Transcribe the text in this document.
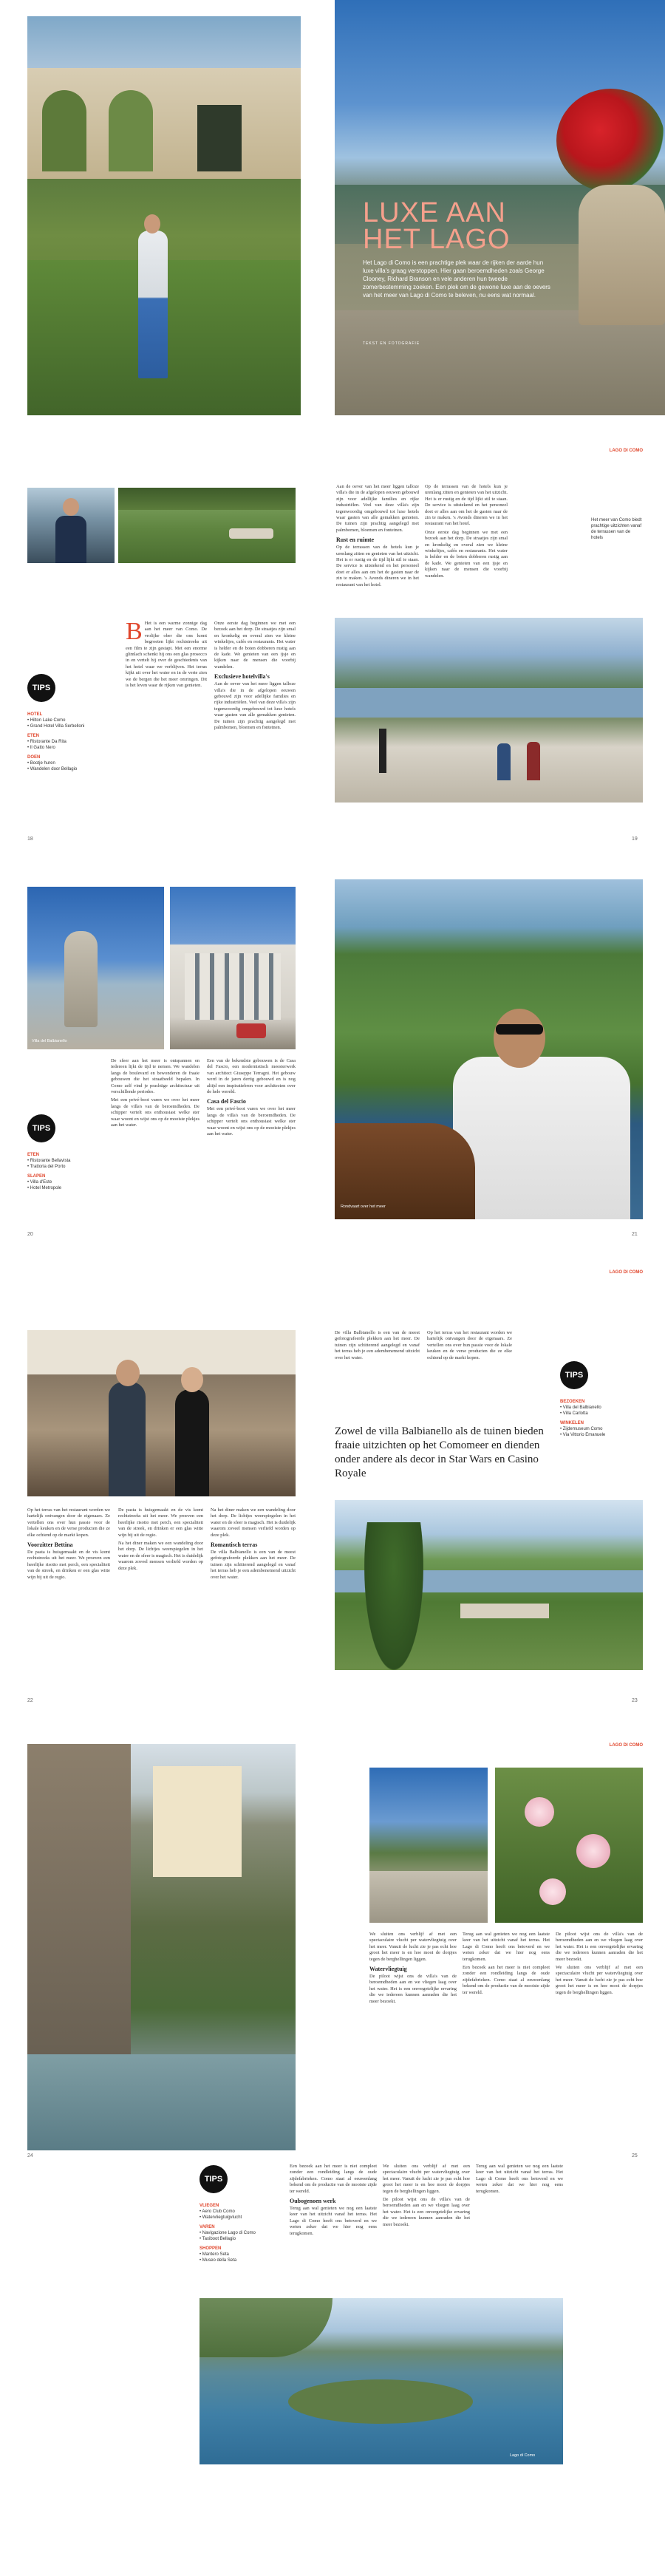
LUXE AAN
HET LAGO
Het Lago di Como is een prachtige plek waar de rijken der aarde hun luxe villa's graag verstoppen. Hier gaan beroemdheden zoals George Clooney, Richard Branson en vele anderen hun tweede zomerbestemming zoeken. Een plek om de gewone luxe aan de oevers van het meer van Lago di Como te beleven, nu eens wat normaal.
TEKST EN FOTOGRAFIE
LAGO DI COMO
B Het is een warme zonnige dag aan het meer van Como. De vrolijke ober die ons komt begroeten lijkt rechtstreeks uit een film te zijn gestapt. Met een enorme glimlach schenkt hij ons een glas prosecco in en vertelt hij over de geschiedenis van het hotel waar we verblijven. Het terras kijkt uit over het water en in de verte zien we de bergen die het meer omringen. Dit is het leven waar de rijken van genieten.

Onze eerste dag beginnen we met een bezoek aan het dorp. De straatjes zijn smal en kronkelig en overal zien we kleine winkeltjes, cafés en restaurants. Het water is helder en de boten dobberen rustig aan de kade. We genieten van een ijsje en kijken naar de mensen die voorbij wandelen.

Exclusieve hotelvilla's

Aan de oever van het meer liggen talloze villa's die in de afgelopen eeuwen gebouwd zijn voor adellijke families en rijke industriëlen. Veel van deze villa's zijn tegenwoordig omgebouwd tot luxe hotels waar gasten van alle gemakken genieten. De tuinen zijn prachtig aangelegd met palmbomen, bloemen en fonteinen.

TIPS
HOTEL

• Hilton Lake Como

• Grand Hotel Villa Serbelloni

ETEN

• Ristorante Da Rita

• Il Gatto Nero

DOEN

• Bootje huren

• Wandelen door Bellagio

Aan de oever van het meer liggen talloze villa's die in de afgelopen eeuwen gebouwd zijn voor adellijke families en rijke industriëlen. Veel van deze villa's zijn tegenwoordig omgebouwd tot luxe hotels waar gasten van alle gemakken genieten. De tuinen zijn prachtig aangelegd met palmbomen, bloemen en fonteinen.

Rust en ruimte

Op de terrassen van de hotels kun je urenlang zitten en genieten van het uitzicht. Het is er rustig en de tijd lijkt stil te staan. De service is uitstekend en het personeel doet er alles aan om het de gasten naar de zin te maken. 's Avonds dineren we in het restaurant van het hotel.

Op de terrassen van de hotels kun je urenlang zitten en genieten van het uitzicht. Het is er rustig en de tijd lijkt stil te staan. De service is uitstekend en het personeel doet er alles aan om het de gasten naar de zin te maken. 's Avonds dineren we in het restaurant van het hotel.

Onze eerste dag beginnen we met een bezoek aan het dorp. De straatjes zijn smal en kronkelig en overal zien we kleine winkeltjes, cafés en restaurants. Het water is helder en de boten dobberen rustig aan de kade. We genieten van een ijsje en kijken naar de mensen die voorbij wandelen.

Het meer van Como biedt prachtige uitzichten vanaf de terrassen van de hotels
18	19
Villa del Balbianello
TIPS
ETEN

• Ristorante Bellavista

• Trattoria del Porto

SLAPEN

• Villa d'Este

• Hotel Metropole

De sfeer aan het meer is ontspannen en iedereen lijkt de tijd te nemen. We wandelen langs de boulevard en bewonderen de fraaie gebouwen die het straatbeeld bepalen. In Como zelf vind je prachtige architectuur uit verschillende periodes.

Met een privé-boot varen we over het meer langs de villa's van de beroemdheden. De schipper vertelt ons enthousiast welke ster waar woont en wijst ons op de mooiste plekjes aan het water.

Een van de bekendste gebouwen is de Casa del Fascio, een modernistisch meesterwerk van architect Giuseppe Terragni. Het gebouw werd in de jaren dertig gebouwd en is nog altijd een inspiratiebron voor architecten over de hele wereld.

Casa del Fascio

Met een privé-boot varen we over het meer langs de villa's van de beroemdheden. De schipper vertelt ons enthousiast welke ster waar woont en wijst ons op de mooiste plekjes aan het water.

Rondvaart over het meer
LAGO DI COMO
20	21

Op het terras van het restaurant worden we hartelijk ontvangen door de eigenaars. Ze vertellen ons over hun passie voor de lokale keuken en de verse producten die ze elke ochtend op de markt kopen.

Voorzitter Bettina

De pasta is huisgemaakt en de vis komt rechtstreeks uit het meer. We proeven een heerlijke risotto met perch, een specialiteit van de streek, en drinken er een glas witte wijn bij uit de regio.

De pasta is huisgemaakt en de vis komt rechtstreeks uit het meer. We proeven een heerlijke risotto met perch, een specialiteit van de streek, en drinken er een glas witte wijn bij uit de regio.

Na het diner maken we een wandeling door het dorp. De lichtjes weerspiegelen in het water en de sfeer is magisch. Het is duidelijk waarom zoveel mensen verliefd worden op deze plek.

Na het diner maken we een wandeling door het dorp. De lichtjes weerspiegelen in het water en de sfeer is magisch. Het is duidelijk waarom zoveel mensen verliefd worden op deze plek.

Romantisch terras

De villa Balbianello is een van de meest gefotografeerde plekken aan het meer. De tuinen zijn schitterend aangelegd en vanaf het terras heb je een adembenemend uitzicht over het water.

De villa Balbianello is een van de meest gefotografeerde plekken aan het meer. De tuinen zijn schitterend aangelegd en vanaf het terras heb je een adembenemend uitzicht over het water.

Op het terras van het restaurant worden we hartelijk ontvangen door de eigenaars. Ze vertellen ons over hun passie voor de lokale keuken en de verse producten die ze elke ochtend op de markt kopen.

TIPS
BEZOEKEN

• Villa del Balbianello

• Villa Carlotta

WINKELEN

• Zijdemuseum Como

• Via Vittorio Emanuele

Zowel de villa Balbianello als de tuinen bieden fraaie uitzichten op het Comomeer en dienden onder andere als decor in Star Wars en Casino Royale
22	23
LAGO DI COMO

We sluiten ons verblijf af met een spectaculaire vlucht per watervliegtuig over het meer. Vanuit de lucht zie je pas echt hoe groot het meer is en hoe mooi de dorpjes tegen de berghellingen liggen.

Watervliegtuig

De piloot wijst ons de villa's van de beroemdheden aan en we vliegen laag over het water. Het is een onvergetelijke ervaring die we iedereen kunnen aanraden die het meer bezoekt.

Terug aan wal genieten we nog een laatste keer van het uitzicht vanaf het terras. Het Lago di Como heeft ons betoverd en we weten zeker dat we hier nog eens terugkomen.

Een bezoek aan het meer is niet compleet zonder een rondleiding langs de oude zijdefabrieken. Como staat al eeuwenlang bekend om de productie van de mooiste zijde ter wereld.

De piloot wijst ons de villa's van de beroemdheden aan en we vliegen laag over het water. Het is een onvergetelijke ervaring die we iedereen kunnen aanraden die het meer bezoekt.

We sluiten ons verblijf af met een spectaculaire vlucht per watervliegtuig over het meer. Vanuit de lucht zie je pas echt hoe groot het meer is en hoe mooi de dorpjes tegen de berghellingen liggen.

24	25
TIPS
VLIEGEN

• Aero Club Como

• Watervliegtuigvlucht

VAREN

• Navigazione Lago di Como

• Taxiboot Bellagio

SHOPPEN

• Mantero Seta

• Museo della Seta

Een bezoek aan het meer is niet compleet zonder een rondleiding langs de oude zijdefabrieken. Como staat al eeuwenlang bekend om de productie van de mooiste zijde ter wereld.

Oubogenoen werk

Terug aan wal genieten we nog een laatste keer van het uitzicht vanaf het terras. Het Lago di Como heeft ons betoverd en we weten zeker dat we hier nog eens terugkomen.

We sluiten ons verblijf af met een spectaculaire vlucht per watervliegtuig over het meer. Vanuit de lucht zie je pas echt hoe groot het meer is en hoe mooi de dorpjes tegen de berghellingen liggen.

De piloot wijst ons de villa's van de beroemdheden aan en we vliegen laag over het water. Het is een onvergetelijke ervaring die we iedereen kunnen aanraden die het meer bezoekt.

Terug aan wal genieten we nog een laatste keer van het uitzicht vanaf het terras. Het Lago di Como heeft ons betoverd en we weten zeker dat we hier nog eens terugkomen.

Lago di Como
